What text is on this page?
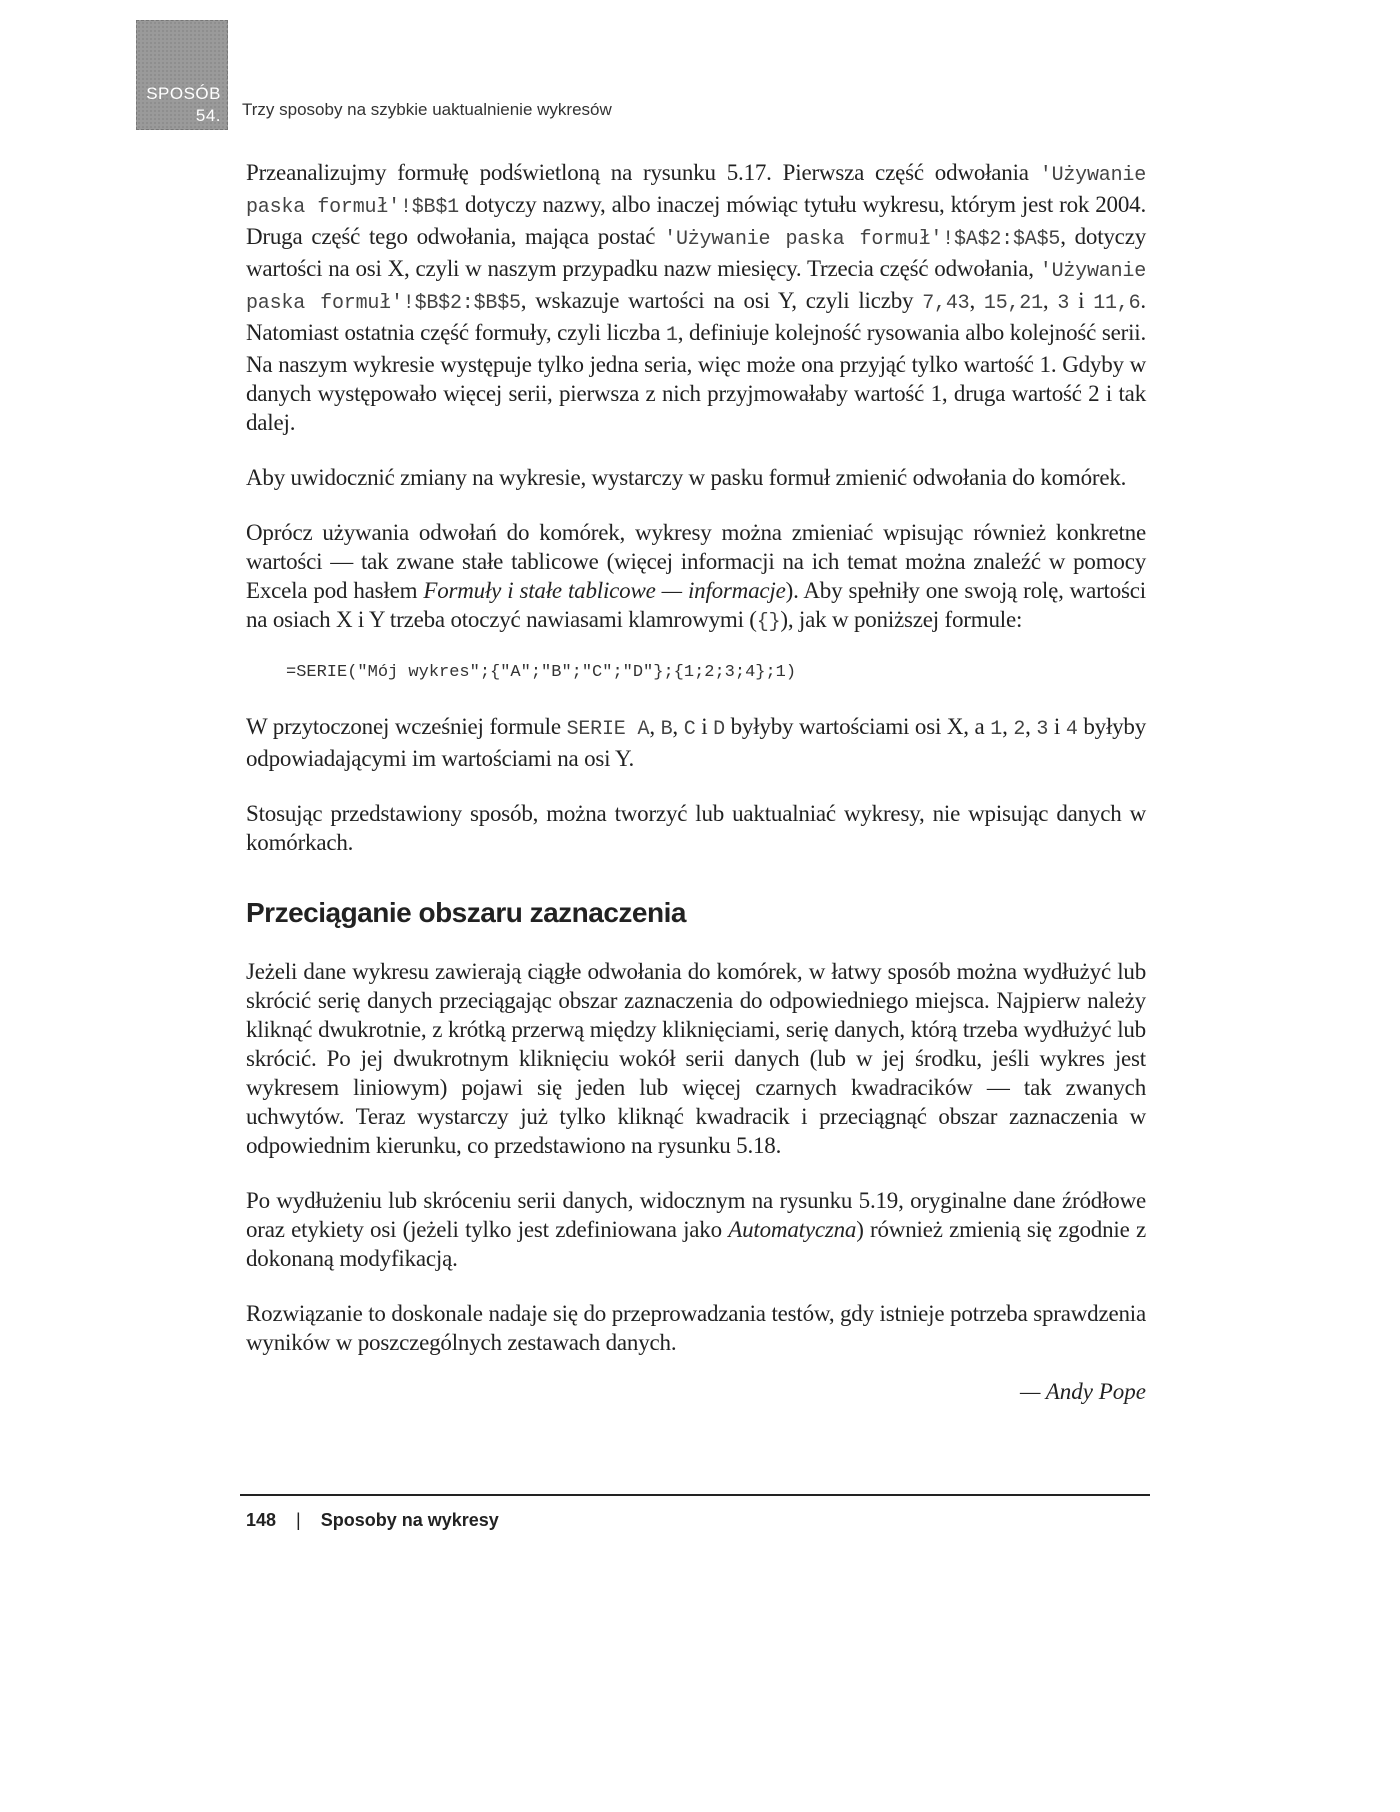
SPOSÓB
54. Trzy sposoby na szybkie uaktualnienie wykresów

Przeanalizujmy formułę podświetloną na rysunku 5.17. Pierwsza część odwołania 'Używanie paska formuł'!$B$1 dotyczy nazwy, albo inaczej mówiąc tytułu wykresu, którym jest rok 2004. Druga część tego odwołania, mająca postać 'Używanie paska formuł'!$A$2:$A$5, dotyczy wartości na osi X, czyli w naszym przypadku nazw miesięcy. Trzecia część odwołania, 'Używanie paska formuł'!$B$2:$B$5, wskazuje wartości na osi Y, czyli liczby 7,43, 15,21, 3 i 11,6. Natomiast ostatnia część formuły, czyli liczba 1, definiuje kolejność rysowania albo kolejność serii. Na naszym wykresie występuje tylko jedna seria, więc może ona przyjąć tylko wartość 1. Gdyby w danych występowało więcej serii, pierwsza z nich przyjmowałaby wartość 1, druga wartość 2 i tak dalej.

Aby uwidocznić zmiany na wykresie, wystarczy w pasku formuł zmienić odwołania do komórek.

Oprócz używania odwołań do komórek, wykresy można zmieniać wpisując również konkretne wartości — tak zwane stałe tablicowe (więcej informacji na ich temat można znaleźć w pomocy Excela pod hasłem Formuły i stałe tablicowe — informacje). Aby spełniły one swoją rolę, wartości na osiach X i Y trzeba otoczyć nawiasami klamrowymi ({}), jak w poniższej formule:

=SERIE("Mój wykres";{"A";"B";"C";"D"};{1;2;3;4};1)

W przytoczonej wcześniej formule SERIE A, B, C i D byłyby wartościami osi X, a 1, 2, 3 i 4 byłyby odpowiadającymi im wartościami na osi Y.

Stosując przedstawiony sposób, można tworzyć lub uaktualniać wykresy, nie wpisując danych w komórkach.

Przeciąganie obszaru zaznaczenia

Jeżeli dane wykresu zawierają ciągłe odwołania do komórek, w łatwy sposób można wydłużyć lub skrócić serię danych przeciągając obszar zaznaczenia do odpowiedniego miejsca. Najpierw należy kliknąć dwukrotnie, z krótką przerwą między kliknięciami, serię danych, którą trzeba wydłużyć lub skrócić. Po jej dwukrotnym kliknięciu wokół serii danych (lub w jej środku, jeśli wykres jest wykresem liniowym) pojawi się jeden lub więcej czarnych kwadracików — tak zwanych uchwytów. Teraz wystarczy już tylko kliknąć kwadracik i przeciągnąć obszar zaznaczenia w odpowiednim kierunku, co przedstawiono na rysunku 5.18.

Po wydłużeniu lub skróceniu serii danych, widocznym na rysunku 5.19, oryginalne dane źródłowe oraz etykiety osi (jeżeli tylko jest zdefiniowana jako Automatyczna) również zmienią się zgodnie z dokonaną modyfikacją.

Rozwiązanie to doskonale nadaje się do przeprowadzania testów, gdy istnieje potrzeba sprawdzenia wyników w poszczególnych zestawach danych.

— Andy Pope
148 | Sposoby na wykresy
